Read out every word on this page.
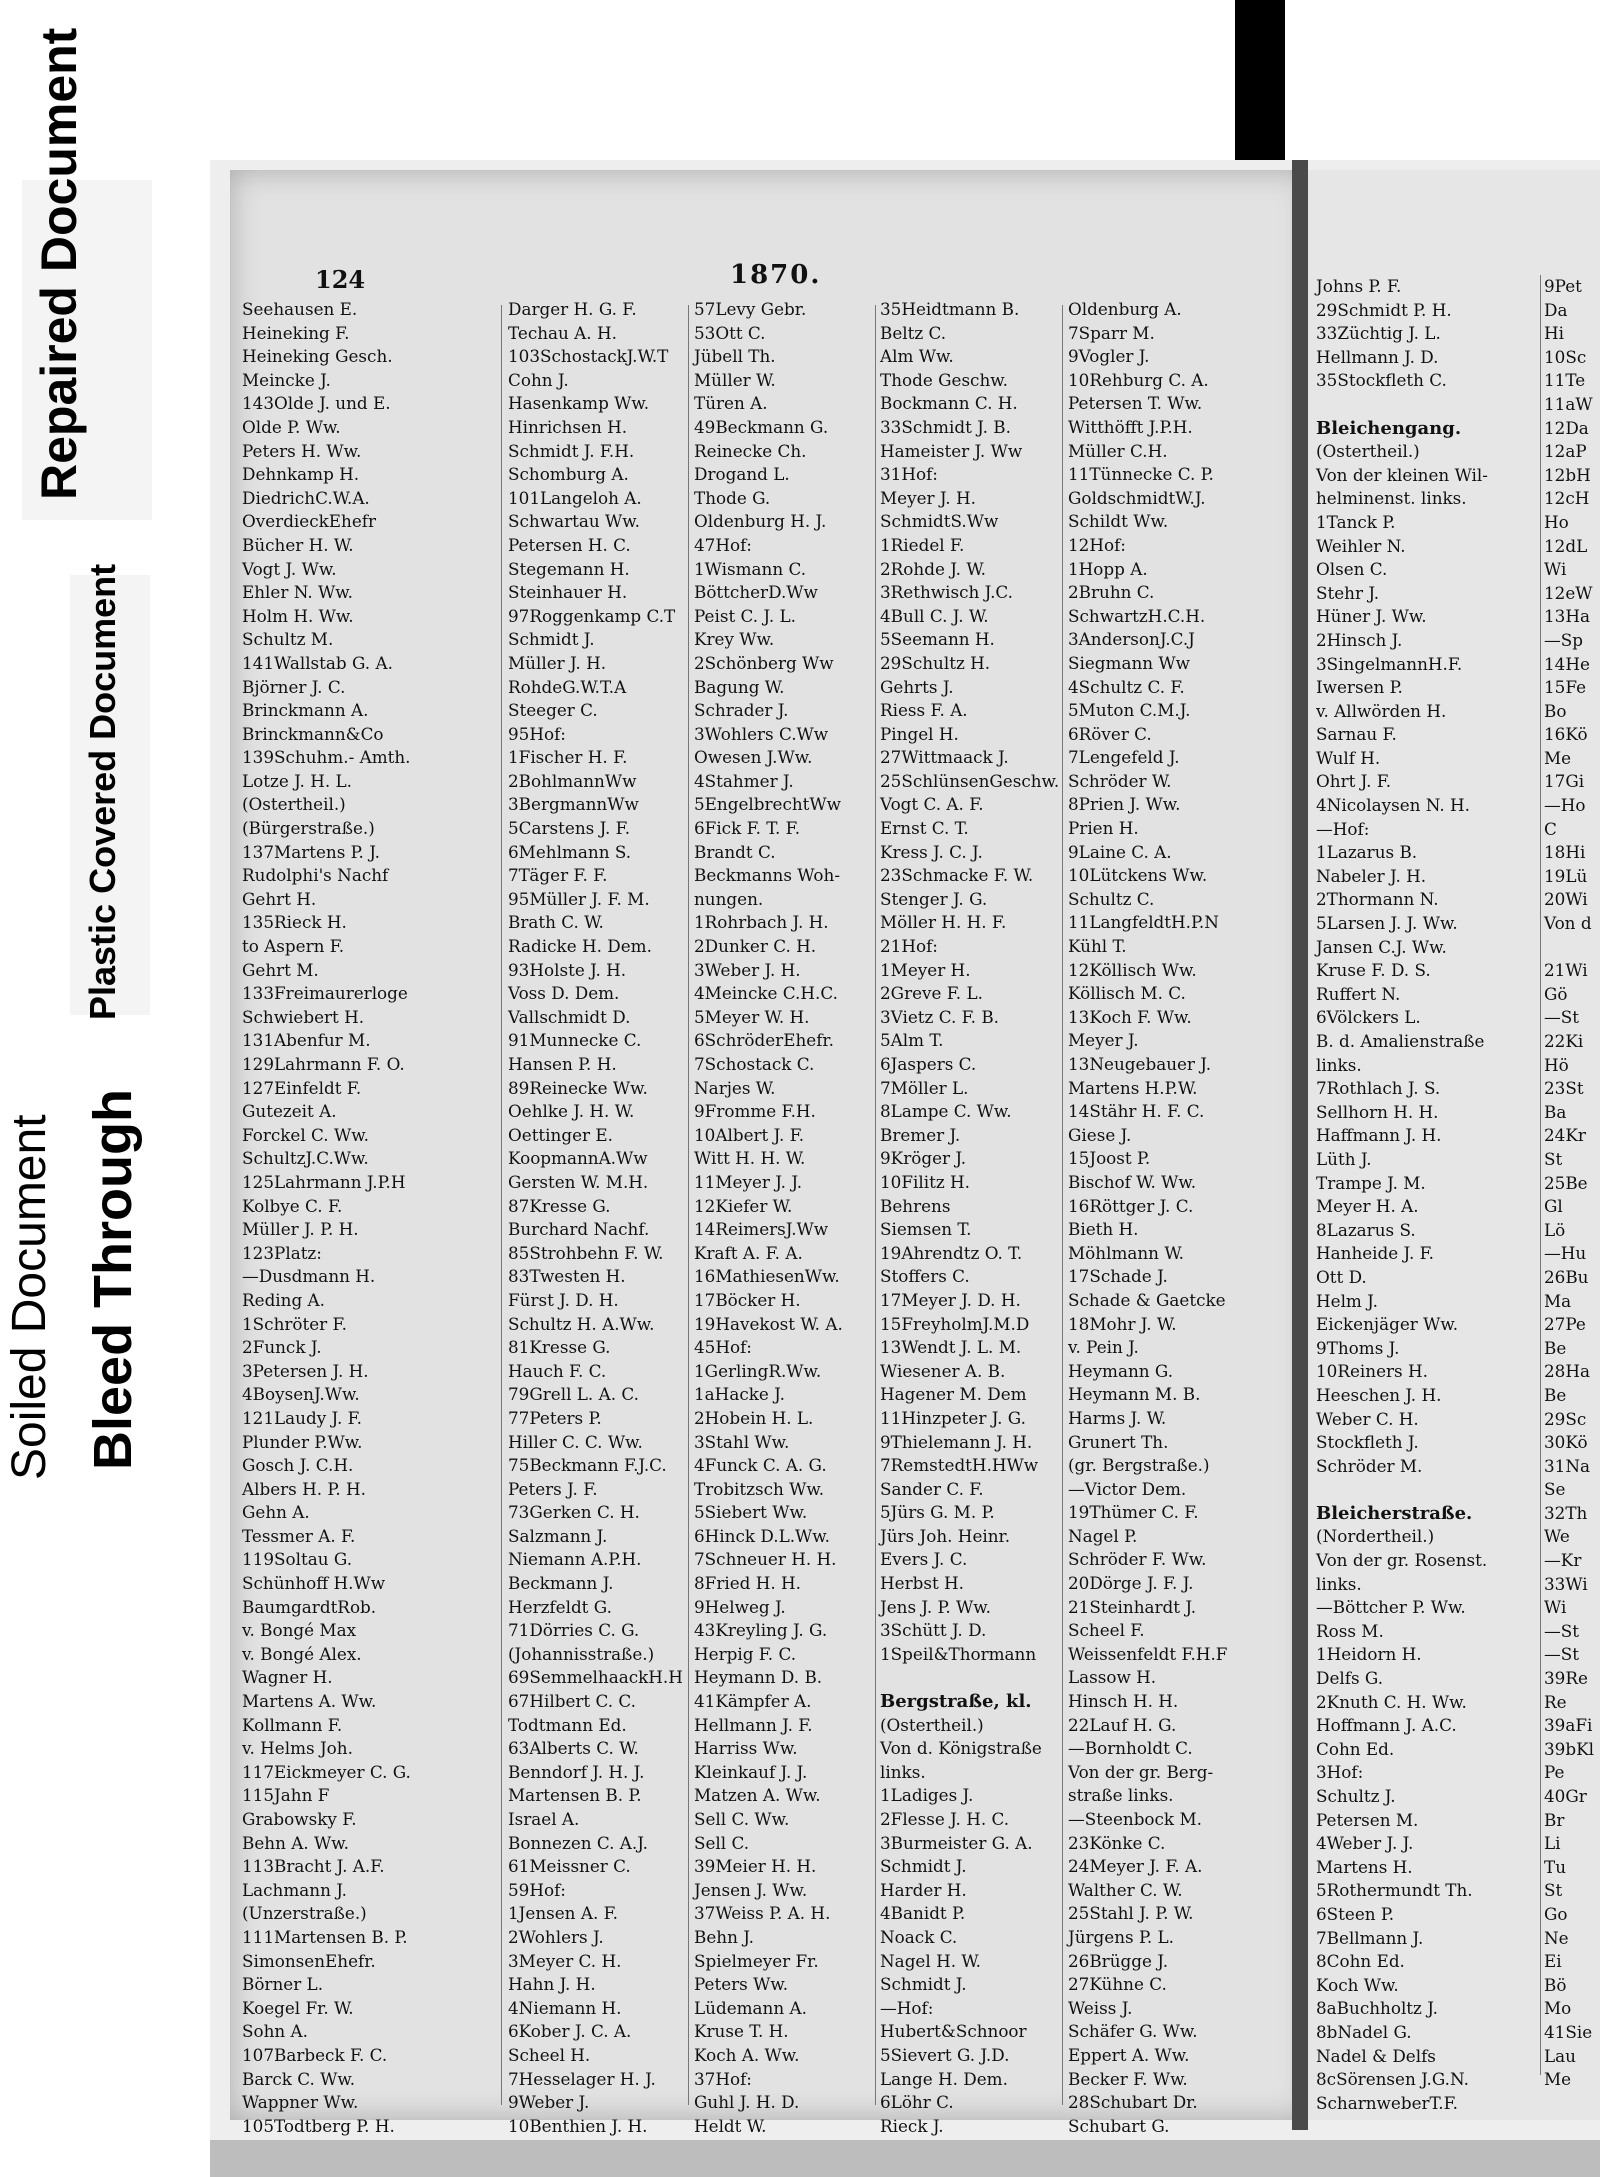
Repaired Document
Plastic Covered Document
Soiled Document Bleed Through
124	1870.
Seehausen E.
Heineking F.
Heineking Gesch.
Meincke J.
143Olde J. und E.
Olde P. Ww.
Peters H. Ww.
Dehnkamp H.
DiedrichC.W.A.
OverdieckEhefr
Bücher H. W.
Vogt J. Ww.
Ehler N. Ww.
Holm H. Ww.
Schultz M.
141Wallstab G. A.
Björner J. C.
Brinckmann A.
Brinckmann&Co
139Schuhm.- Amth.
Lotze J. H. L.
(Ostertheil.)
(Bürgerstraße.)
137Martens P. J.
Rudolphi's Nachf
Gehrt H.
135Rieck H.
to Aspern F.
Gehrt M.
133Freimaurerloge
Schwiebert H.
131Abenfur M.
129Lahrmann F. O.
127Einfeldt F.
Gutezeit A.
Forckel C. Ww.
SchultzJ.C.Ww.
125Lahrmann J.P.H
Kolbye C. F.
Müller J. P. H.
123Platz:
—Dusdmann H.
Reding A.
1Schröter F.
2Funck J.
3Petersen J. H.
4BoysenJ.Ww.
121Laudy J. F.
Plunder P.Ww.
Gosch J. C.H.
Albers H. P. H.
Gehn A.
Tessmer A. F.
119Soltau G.
Schünhoff H.Ww
BaumgardtRob.
v. Bongé Max
v. Bongé Alex.
Wagner H.
Martens A. Ww.
Kollmann F.
v. Helms Joh.
117Eickmeyer C. G.
115Jahn F
Grabowsky F.
Behn A. Ww.
113Bracht J. A.F.
Lachmann J.
(Unzerstraße.)
111Martensen B. P.
SimonsenEhefr.
Börner L.
Koegel Fr. W.
Sohn A.
107Barbeck F. C.
Barck C. Ww.
Wappner Ww.
105Todtberg P. H.
Darger H. G. F.
Techau A. H.
103SchostackJ.W.T
Cohn J.
Hasenkamp Ww.
Hinrichsen H.
Schmidt J. F.H.
Schomburg A.
101Langeloh A.
Schwartau Ww.
Petersen H. C.
Stegemann H.
Steinhauer H.
97Roggenkamp C.T
Schmidt J.
Müller J. H.
RohdeG.W.T.A
Steeger C.
95Hof:
1Fischer H. F.
2BohlmannWw
3BergmannWw
5Carstens J. F.
6Mehlmann S.
7Täger F. F.
95Müller J. F. M.
Brath C. W.
Radicke H. Dem.
93Holste J. H.
Voss D. Dem.
Vallschmidt D.
91Munnecke C.
Hansen P. H.
89Reinecke Ww.
Oehlke J. H. W.
Oettinger E.
KoopmannA.Ww
Gersten W. M.H.
87Kresse G.
Burchard Nachf.
85Strohbehn F. W.
83Twesten H.
Fürst J. D. H.
Schultz H. A.Ww.
81Kresse G.
Hauch F. C.
79Grell L. A. C.
77Peters P.
Hiller C. C. Ww.
75Beckmann F.J.C.
Peters J. F.
73Gerken C. H.
Salzmann J.
Niemann A.P.H.
Beckmann J.
Herzfeldt G.
71Dörries C. G.
(Johannisstraße.)
69SemmelhaackH.H
67Hilbert C. C.
Todtmann Ed.
63Alberts C. W.
Benndorf J. H. J.
Martensen B. P.
Israel A.
Bonnezen C. A.J.
61Meissner C.
59Hof:
1Jensen A. F.
2Wohlers J.
3Meyer C. H.
Hahn J. H.
4Niemann H.
6Kober J. C. A.
Scheel H.
7Hesselager H. J.
9Weber J.
10Benthien J. H.
57Levy Gebr.
53Ott C.
Jübell Th.
Müller W.
Türen A.
49Beckmann G.
Reinecke Ch.
Drogand L.
Thode G.
Oldenburg H. J.
47Hof:
1Wismann C.
BöttcherD.Ww
Peist C. J. L.
Krey Ww.
2Schönberg Ww
Bagung W.
Schrader J.
3Wohlers C.Ww
Owesen J.Ww.
4Stahmer J.
5EngelbrechtWw
6Fick F. T. F.
Brandt C.
Beckmanns Woh-
nungen.
1Rohrbach J. H.
2Dunker C. H.
3Weber J. H.
4Meincke C.H.C.
5Meyer W. H.
6SchröderEhefr.
7Schostack C.
Narjes W.
9Fromme F.H.
10Albert J. F.
Witt H. H. W.
11Meyer J. J.
12Kiefer W.
14ReimersJ.Ww
Kraft A. F. A.
16MathiesenWw.
17Böcker H.
19Havekost W. A.
45Hof:
1GerlingR.Ww.
1aHacke J.
2Hobein H. L.
3Stahl Ww.
4Funck C. A. G.
Trobitzsch Ww.
5Siebert Ww.
6Hinck D.L.Ww.
7Schneuer H. H.
8Fried H. H.
9Helweg J.
43Kreyling J. G.
Herpig F. C.
Heymann D. B.
41Kämpfer A.
Hellmann J. F.
Harriss Ww.
Kleinkauf J. J.
Matzen A. Ww.
Sell C. Ww.
Sell C.
39Meier H. H.
Jensen J. Ww.
37Weiss P. A. H.
Behn J.
Spielmeyer Fr.
Peters Ww.
Lüdemann A.
Kruse T. H.
Koch A. Ww.
37Hof:
Guhl J. H. D.
Heldt W.
35Heidtmann B.
Beltz C.
Alm Ww.
Thode Geschw.
Bockmann C. H.
33Schmidt J. B.
Hameister J. Ww
31Hof:
Meyer J. H.
SchmidtS.Ww
1Riedel F.
2Rohde J. W.
3Rethwisch J.C.
4Bull C. J. W.
5Seemann H.
29Schultz H.
Gehrts J.
Riess F. A.
Pingel H.
27Wittmaack J.
25SchlünsenGeschw.
Vogt C. A. F.
Ernst C. T.
Kress J. C. J.
23Schmacke F. W.
Stenger J. G.
Möller H. H. F.
21Hof:
1Meyer H.
2Greve F. L.
3Vietz C. F. B.
5Alm T.
6Jaspers C.
7Möller L.
8Lampe C. Ww.
Bremer J.
9Kröger J.
10Filitz H.
Behrens
Siemsen T.
19Ahrendtz O. T.
Stoffers C.
17Meyer J. D. H.
15FreyholmJ.M.D
13Wendt J. L. M.
Wiesener A. B.
Hagener M. Dem
11Hinzpeter J. G.
9Thielemann J. H.
7RemstedtH.HWw
Sander C. F.
5Jürs G. M. P.
Jürs Joh. Heinr.
Evers J. C.
Herbst H.
Jens J. P. Ww.
3Schütt J. D.
1Speil&Thormann

Bergstraße, kl.
(Ostertheil.)
Von d. Königstraße
links.
1Ladiges J.
2Flesse J. H. C.
3Burmeister G. A.
Schmidt J.
Harder H.
4Banidt P.
Noack C.
Nagel H. W.
Schmidt J.
—Hof:
Hubert&Schnoor
5Sievert G. J.D.
Lange H. Dem.
6Löhr C.
Rieck J.
Oldenburg A.
7Sparr M.
9Vogler J.
10Rehburg C. A.
Petersen T. Ww.
Witthöfft J.P.H.
Müller C.H.
11Tünnecke C. P.
GoldschmidtW.J.
Schildt Ww.
12Hof:
1Hopp A.
2Bruhn C.
SchwartzH.C.H.
3AndersonJ.C.J
Siegmann Ww
4Schultz C. F.
5Muton C.M.J.
6Röver C.
7Lengefeld J.
Schröder W.
8Prien J. Ww.
Prien H.
9Laine C. A.
10Lütckens Ww.
Schultz C.
11LangfeldtH.P.N
Kühl T.
12Köllisch Ww.
Köllisch M. C.
13Koch F. Ww.
Meyer J.
13Neugebauer J.
Martens H.P.W.
14Stähr H. F. C.
Giese J.
15Joost P.
Bischof W. Ww.
16Röttger J. C.
Bieth H.
Möhlmann W.
17Schade J.
Schade & Gaetcke
18Mohr J. W.
v. Pein J.
Heymann G.
Heymann M. B.
Harms J. W.
Grunert Th.
(gr. Bergstraße.)
—Victor Dem.
19Thümer C. F.
Nagel P.
Schröder F. Ww.
20Dörge J. F. J.
21Steinhardt J.
Scheel F.
Weissenfeldt F.H.F
Lassow H.
Hinsch H. H.
22Lauf H. G.
—Bornholdt C.
Von der gr. Berg-
straße links.
—Steenbock M.
23Könke C.
24Meyer J. F. A.
Walther C. W.
25Stahl J. P. W.
Jürgens P. L.
26Brügge J.
27Kühne C.
Weiss J.
Schäfer G. Ww.
Eppert A. Ww.
Becker F. Ww.
28Schubart Dr.
Schubart G.
Johns P. F.
29Schmidt P. H.
33Züchtig J. L.
Hellmann J. D.
35Stockfleth C.

Bleichengang.
(Ostertheil.)
Von der kleinen Wil-
helminenst. links.
1Tanck P.
Weihler N.
Olsen C.
Stehr J.
Hüner J. Ww.
2Hinsch J.
3SingelmannH.F.
Iwersen P.
v. Allwörden H.
Sarnau F.
Wulf H.
Ohrt J. F.
4Nicolaysen N. H.
—Hof:
1Lazarus B.
Nabeler J. H.
2Thormann N.
5Larsen J. J. Ww.
Jansen C.J. Ww.
Kruse F. D. S.
Ruffert N.
6Völckers L.
B. d. Amalienstraße
links.
7Rothlach J. S.
Sellhorn H. H.
Haffmann J. H.
Lüth J.
Trampe J. M.
Meyer H. A.
8Lazarus S.
Hanheide J. F.
Ott D.
Helm J.
Eickenjäger Ww.
9Thoms J.
10Reiners H.
Heeschen J. H.
Weber C. H.
Stockfleth J.
Schröder M.

Bleicherstraße.
(Nordertheil.)
Von der gr. Rosenst.
links.
—Böttcher P. Ww.
Ross M.
1Heidorn H.
Delfs G.
2Knuth C. H. Ww.
Hoffmann J. A.C.
Cohn Ed.
3Hof:
Schultz J.
Petersen M.
4Weber J. J.
Martens H.
5Rothermundt Th.
6Steen P.
7Bellmann J.
8Cohn Ed.
Koch Ww.
8aBuchholtz J.
8bNadel G.
Nadel & Delfs
8cSörensen J.G.N.
ScharnweberT.F.
9Pet
Da
Hi
10Sc
11Te
11aW
12Da
12aP
12bH
12cH
Ho
12dL
Wi
12eW
13Ha
—Sp
14He
15Fe
Bo
16Kö
Me
17Gi
—Ho
C
18Hi
19Lü
20Wi
Von d

21Wi
Gö
—St
22Ki
Hö
23St
Ba
24Kr
St
25Be
Gl
Lö
—Hu
26Bu
Ma
27Pe
Be
28Ha
Be
29Sc
30Kö
31Na
Se
32Th
We
—Kr
33Wi
Wi
—St
—St
39Re
Re
39aFi
39bKl
Pe
40Gr
Br
Li
Tu
St
Go
Ne
Ei
Bö
Mo
41Sie
Lau
Me
